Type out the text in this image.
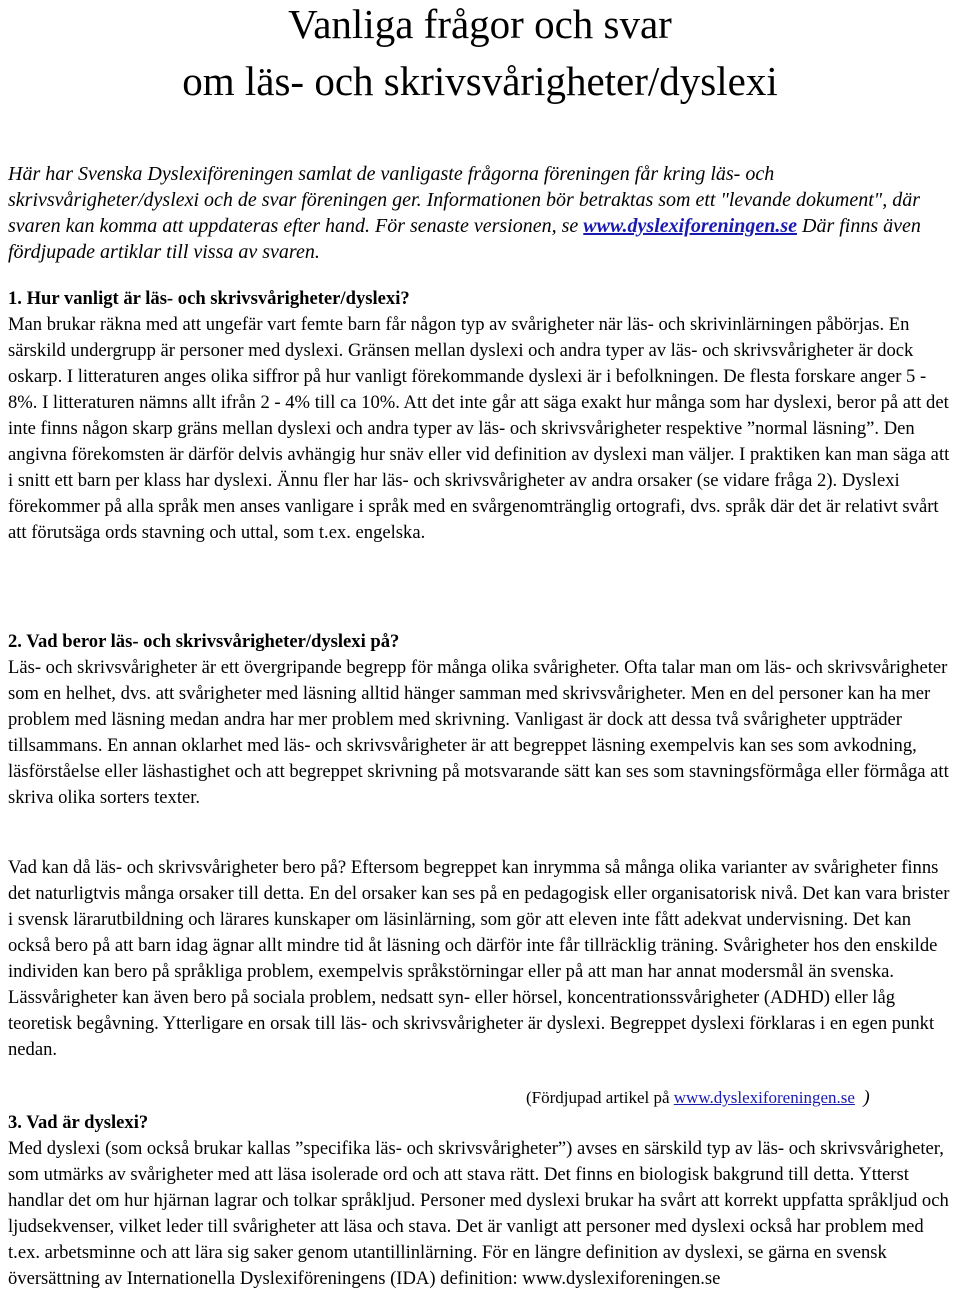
Vanliga frågor och svar
om läs- och skrivsvårigheter/dyslexi

Här har Svenska Dyslexiföreningen samlat de vanligaste frågorna föreningen får kring läs- och skrivsvårigheter/dyslexi och de svar föreningen ger. Informationen bör betraktas som ett "levande dokument", där svaren kan komma att uppdateras efter hand. För senaste versionen, se www.dyslexiforeningen.se Där finns även fördjupade artiklar till vissa av svaren.

1. Hur vanligt är läs- och skrivsvårigheter/dyslexi?

Man brukar räkna med att ungefär vart femte barn får någon typ av svårigheter när läs- och skrivinlärningen påbörjas. En särskild undergrupp är personer med dyslexi. Gränsen mellan dyslexi och andra typer av läs- och skrivsvårigheter är dock oskarp. I litteraturen anges olika siffror på hur vanligt förekommande dyslexi är i befolkningen. De flesta forskare anger 5 - 8%. I litteraturen nämns allt ifrån 2 - 4% till ca 10%. Att det inte går att säga exakt hur många som har dyslexi, beror på att det inte finns någon skarp gräns mellan dyslexi och andra typer av läs- och skrivsvårigheter respektive ”normal läsning”. Den angivna förekomsten är därför delvis avhängig hur snäv eller vid definition av dyslexi man väljer. I praktiken kan man säga att i snitt ett barn per klass har dyslexi. Ännu fler har läs- och skrivsvårigheter av andra orsaker (se vidare fråga 2). Dyslexi förekommer på alla språk men anses vanligare i språk med en svårgenomtränglig ortografi, dvs. språk där det är relativt svårt att förutsäga ords stavning och uttal, som t.ex. engelska.

2. Vad beror läs- och skrivsvårigheter/dyslexi på?

Läs- och skrivsvårigheter är ett övergripande begrepp för många olika svårigheter. Ofta talar man om läs- och skrivsvårigheter som en helhet, dvs. att svårigheter med läsning alltid hänger samman med skrivsvårigheter. Men en del personer kan ha mer problem med läsning medan andra har mer problem med skrivning. Vanligast är dock att dessa två svårigheter uppträder tillsammans. En annan oklarhet med läs- och skrivsvårigheter är att begreppet läsning exempelvis kan ses som avkodning, läsförståelse eller läshastighet och att begreppet skrivning på motsvarande sätt kan ses som stavningsförmåga eller förmåga att skriva olika sorters texter.

Vad kan då läs- och skrivsvårigheter bero på? Eftersom begreppet kan inrymma så många olika varianter av svårigheter finns det naturligtvis många orsaker till detta. En del orsaker kan ses på en pedagogisk eller organisatorisk nivå. Det kan vara brister i svensk lärarutbildning och lärares kunskaper om läsinlärning, som gör att eleven inte fått adekvat undervisning. Det kan också bero på att barn idag ägnar allt mindre tid åt läsning och därför inte får tillräcklig träning. Svårigheter hos den enskilde individen kan bero på språkliga problem, exempelvis språkstörningar eller på att man har annat modersmål än svenska. Lässvårigheter kan även bero på sociala problem, nedsatt syn- eller hörsel, koncentrationssvårigheter (ADHD) eller låg teoretisk begåvning. Ytterligare en orsak till läs- och skrivsvårigheter är dyslexi. Begreppet dyslexi förklaras i en egen punkt nedan.

(Fördjupad artikel på www.dyslexiforeningen.se )

3. Vad är dyslexi?

Med dyslexi (som också brukar kallas ”specifika läs- och skrivsvårigheter”) avses en särskild typ av läs- och skrivsvårigheter, som utmärks av svårigheter med att läsa isolerade ord och att stava rätt. Det finns en biologisk bakgrund till detta. Ytterst handlar det om hur hjärnan lagrar och tolkar språkljud. Personer med dyslexi brukar ha svårt att korrekt uppfatta språkljud och ljudsekvenser, vilket leder till svårigheter att läsa och stava. Det är vanligt att personer med dyslexi också har problem med t.ex. arbetsminne och att lära sig saker genom utantillinlärning. För en längre definition av dyslexi, se gärna en svensk översättning av Internationella Dyslexiföreningens (IDA) definition: www.dyslexiforeningen.se
